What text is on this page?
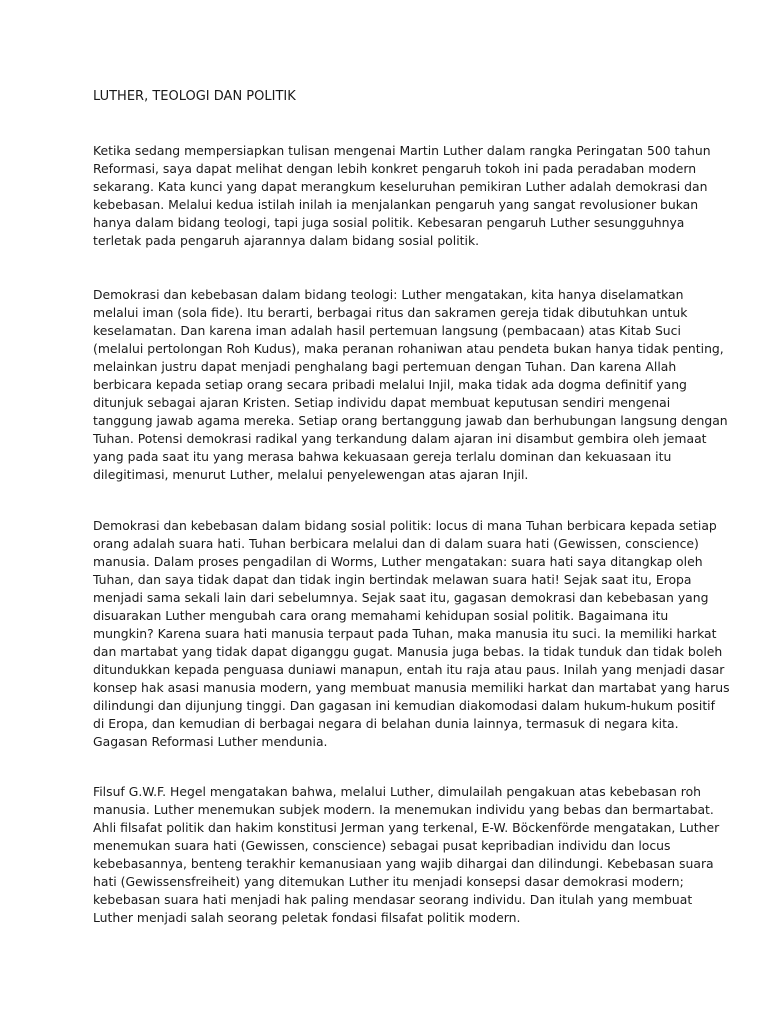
LUTHER, TEOLOGI DAN POLITIK
Ketika sedang mempersiapkan tulisan mengenai Martin Luther dalam rangka Peringatan 500 tahun
Reformasi, saya dapat melihat dengan lebih konkret pengaruh tokoh ini pada peradaban modern
sekarang. Kata kunci yang dapat merangkum keseluruhan pemikiran Luther adalah demokrasi dan
kebebasan. Melalui kedua istilah inilah ia menjalankan pengaruh yang sangat revolusioner bukan
hanya dalam bidang teologi, tapi juga sosial politik. Kebesaran pengaruh Luther sesungguhnya
terletak pada pengaruh ajarannya dalam bidang sosial politik.
Demokrasi dan kebebasan dalam bidang teologi: Luther mengatakan, kita hanya diselamatkan
melalui iman (sola fide). Itu berarti, berbagai ritus dan sakramen gereja tidak dibutuhkan untuk
keselamatan. Dan karena iman adalah hasil pertemuan langsung (pembacaan) atas Kitab Suci
(melalui pertolongan Roh Kudus), maka peranan rohaniwan atau pendeta bukan hanya tidak penting,
melainkan justru dapat menjadi penghalang bagi pertemuan dengan Tuhan. Dan karena Allah
berbicara kepada setiap orang secara pribadi melalui Injil, maka tidak ada dogma definitif yang
ditunjuk sebagai ajaran Kristen. Setiap individu dapat membuat keputusan sendiri mengenai
tanggung jawab agama mereka. Setiap orang bertanggung jawab dan berhubungan langsung dengan
Tuhan. Potensi demokrasi radikal yang terkandung dalam ajaran ini disambut gembira oleh jemaat
yang pada saat itu yang merasa bahwa kekuasaan gereja terlalu dominan dan kekuasaan itu
dilegitimasi, menurut Luther, melalui penyelewengan atas ajaran Injil.
Demokrasi dan kebebasan dalam bidang sosial politik: locus di mana Tuhan berbicara kepada setiap
orang adalah suara hati. Tuhan berbicara melalui dan di dalam suara hati (Gewissen, conscience)
manusia. Dalam proses pengadilan di Worms, Luther mengatakan: suara hati saya ditangkap oleh
Tuhan, dan saya tidak dapat dan tidak ingin bertindak melawan suara hati! Sejak saat itu, Eropa
menjadi sama sekali lain dari sebelumnya. Sejak saat itu, gagasan demokrasi dan kebebasan yang
disuarakan Luther mengubah cara orang memahami kehidupan sosial politik. Bagaimana itu
mungkin? Karena suara hati manusia terpaut pada Tuhan, maka manusia itu suci. Ia memiliki harkat
dan martabat yang tidak dapat diganggu gugat. Manusia juga bebas. Ia tidak tunduk dan tidak boleh
ditundukkan kepada penguasa duniawi manapun, entah itu raja atau paus. Inilah yang menjadi dasar
konsep hak asasi manusia modern, yang membuat manusia memiliki harkat dan martabat yang harus
dilindungi dan dijunjung tinggi. Dan gagasan ini kemudian diakomodasi dalam hukum-hukum positif
di Eropa, dan kemudian di berbagai negara di belahan dunia lainnya, termasuk di negara kita.
Gagasan Reformasi Luther mendunia.
Filsuf G.W.F. Hegel mengatakan bahwa, melalui Luther, dimulailah pengakuan atas kebebasan roh
manusia. Luther menemukan subjek modern. Ia menemukan individu yang bebas dan bermartabat.
Ahli filsafat politik dan hakim konstitusi Jerman yang terkenal, E-W. Böckenförde mengatakan, Luther
menemukan suara hati (Gewissen, conscience) sebagai pusat kepribadian individu dan locus
kebebasannya, benteng terakhir kemanusiaan yang wajib dihargai dan dilindungi. Kebebasan suara
hati (Gewissensfreiheit) yang ditemukan Luther itu menjadi konsepsi dasar demokrasi modern;
kebebasan suara hati menjadi hak paling mendasar seorang individu. Dan itulah yang membuat
Luther menjadi salah seorang peletak fondasi filsafat politik modern.
